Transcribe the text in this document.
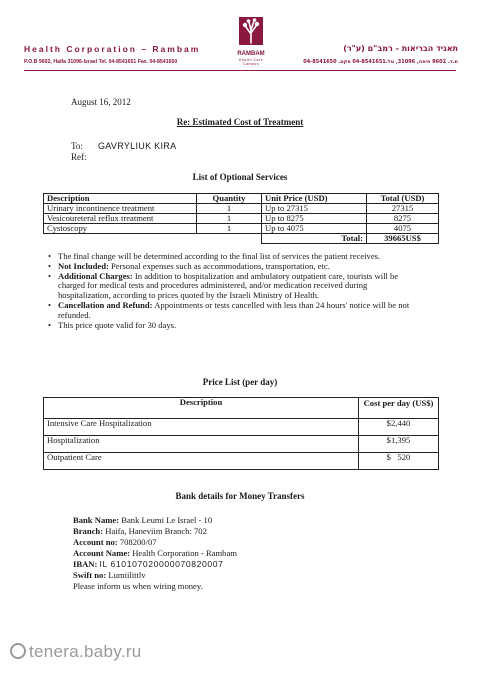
Health Corporation – Rambam
P.O.B 9602, Haifa 31096-Israel Tel. 04-8541651 Fax. 04-8541650
תאגיד הבריאות - רמב"ם (ע"ר)
ת.ד. 9602 חיפה, 31096, טל.04-8541651 פקס. 04-8541650
RAMBAM
Health Care Campus
August 16, 2012
Re: Estimated Cost of Treatment
To: GAVRYLIUK KIRA
Ref:
List of Optional Services
Description	Quantity	Unit Price (USD)	Total (USD)
Urinary incontinence treatment	1	Up to 27315	27315
Vesicoureteral reflux treatment	1	Up to 8275	8275
Cystoscopy	1	Up to 4075	4075
		Total:	39665US$
• The final change will be determined according to the final list of services the patient receives.
• Not Included: Personal expenses such as accommodations, transportation, etc.
• Additional Charges: In addition to hospitalization and ambulatory outpatient care, tourists will be charged for medical tests and procedures administered, and/or medication received during hospitalization, according to prices quoted by the Israeli Ministry of Health.
• Cancellation and Refund: Appointments or tests cancelled with less than 24 hours' notice will be not refunded.
• This price quote valid for 30 days.
Price List (per day)
Description	Cost per day (US$)
Intensive Care Hospitalization	$2,440
Hospitalization	$1,395
Outpatient Care	$   520
Bank details for Money Transfers
Bank Name: Bank Leumi Le Israel - 10
Branch: Haifa, Haneviim Branch: 702
Account no: 708200/07
Account Name: Health Corporation - Rambam
IBAN: IL 610107020000070820007
Swift no: Lumiilittlv
Please inform us when wiring money.
tenera.baby.ru
